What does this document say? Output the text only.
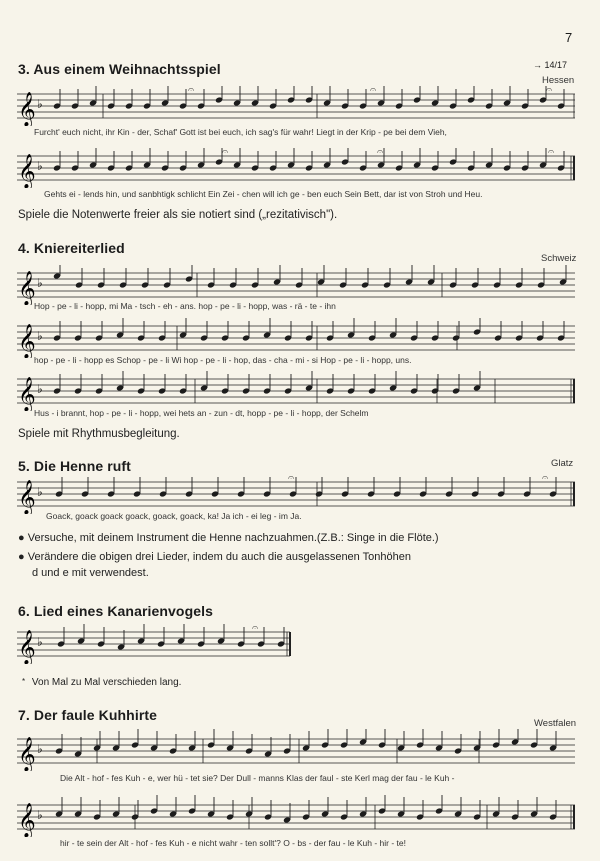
7
3. Aus einem Weihnachtsspiel	→ 14/17
Hessen
𝄞 ♭
𝄐	𝄐	𝄐
Furcht' euch nicht, ihr Kin - der, Schaf' Gott ist bei euch, ich sag's für wahr! Liegt in der Krip - pe bei dem Vieh,
𝄞 ♭
𝄐	𝄐	𝄐
Gehts ei - lends hin, und sanbhtigk schlicht Ein Zei - chen will ich ge - ben euch Sein Bett, dar ist von Stroh und Heu.
Spiele die Notenwerte freier als sie notiert sind („rezitativisch").
4. Kniereiterlied
Schweiz
𝄞 ♭
Hop - pe - li - hopp, mi Ma - tsch - eh - ans. hop - pe - li - hopp, was - rä - te - ihn
𝄞 ♭
hop - pe - li - hopp es Schop - pe - li Wi hop - pe - li - hop, das - cha - mi - si Hop - pe - li - hopp, uns.
𝄞 ♭
Hus - i brannt, hop - pe - li - hopp, wei hets an - zun - dt, hopp - pe - li - hopp, der Schelm
Spiele mit Rhythmusbegleitung.
5. Die Henne ruft	Glatz
𝄞 ♭
𝄐	𝄐
Goack, goack goack goack, goack, goack, ka! Ja ich - ei leg - im Ja.
● Versuche, mit deinem Instrument die Henne nachzuahmen.(Z.B.: Singe in die Flöte.)
● Verändere die obigen drei Lieder, indem du auch die ausgelassenen Tonhöhen
d und e mit verwendest.
6. Lied eines Kanarienvogels
𝄞 ♭
𝄐
* Von Mal zu Mal verschieden lang.
7. Der faule Kuhhirte
Westfalen
𝄞 ♭
Die Alt - hof - fes Kuh - e, wer hü - tet sie? Der Dull - manns Klas der faul - ste Kerl mag der fau - le Kuh -
𝄞 ♭
hir - te sein der Alt - hof - fes Kuh - e nicht wahr - ten sollt'? O - bs - der fau - le Kuh - hir - te!
